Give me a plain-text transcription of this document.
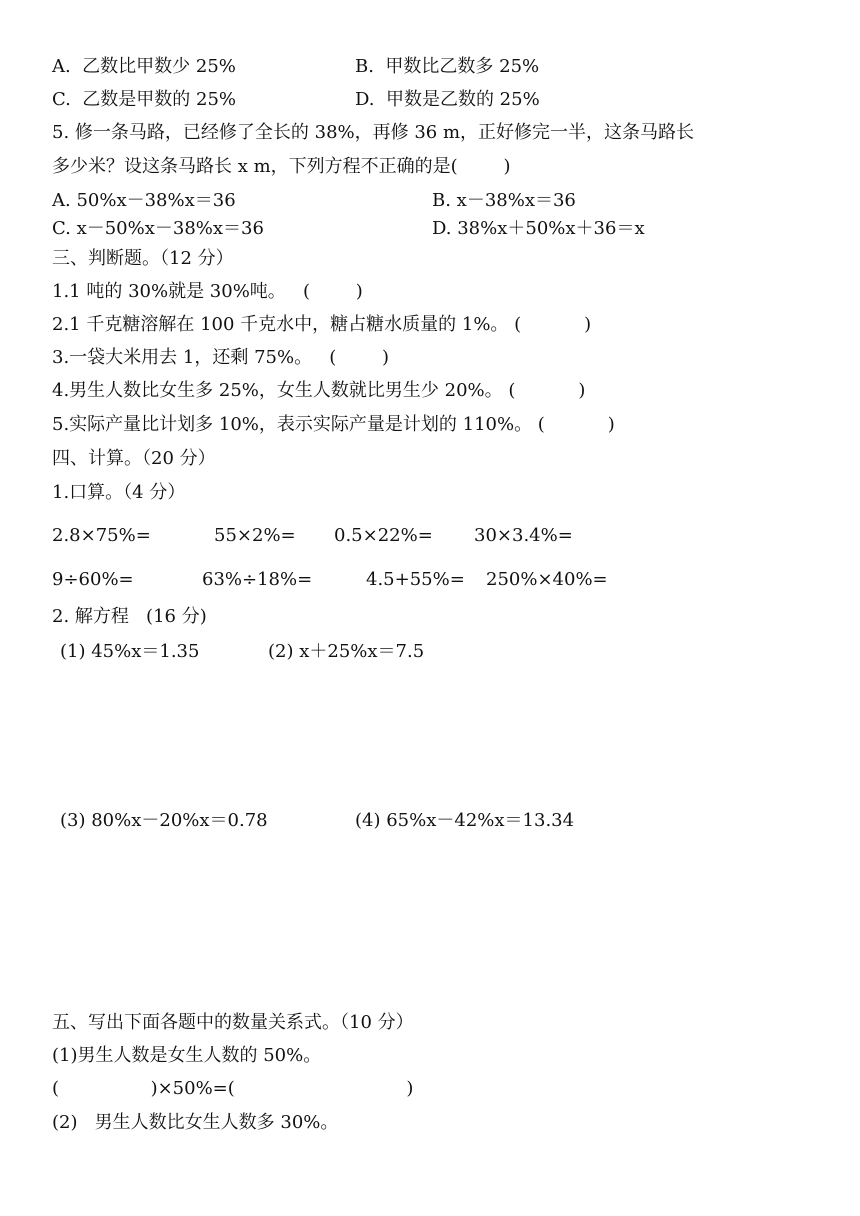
A.  乙数比甲数少 25%	B.  甲数比乙数多 25%
C.  乙数是甲数的 25%	D.  甲数是乙数的 25%
5. 修一条马路，已经修了全长的 38%，再修 36 m，正好修完一半，这条马路长
多少米？设这条马路长 x m，下列方程不正确的是(        )
A. 50%x－38%x＝36	B. x－38%x＝36
C. x－50%x－38%x＝36	D. 38%x＋50%x＋36＝x
三、判断题。（12 分）
1.1 吨的 30%就是 30%吨。   (        )
2.1 千克糖溶解在 100 千克水中，糖占糖水质量的 1%。 (           )
3.一袋大米用去 1，还剩 75%。   (        )
4.男生人数比女生多 25%，女生人数就比男生少 20%。 (           )
5.实际产量比计划多 10%，表示实际产量是计划的 110%。 (           )
四、计算。（20 分）
1.口算。（4 分）
2.8×75%=	55×2%= 0.5×22%= 30×3.4%=
9÷60%=	63%÷18%=	4.5+55%= 250%×40%=
2. 解方程   (16 分)
(1) 45%x＝1.35	(2) x＋25%x＝7.5
(3) 80%x－20%x＝0.78	(4) 65%x－42%x＝13.34
五、写出下面各题中的数量关系式。（10 分）
(1)男生人数是女生人数的 50%。
(                )×50%=(                              )
(2)   男生人数比女生人数多 30%。
